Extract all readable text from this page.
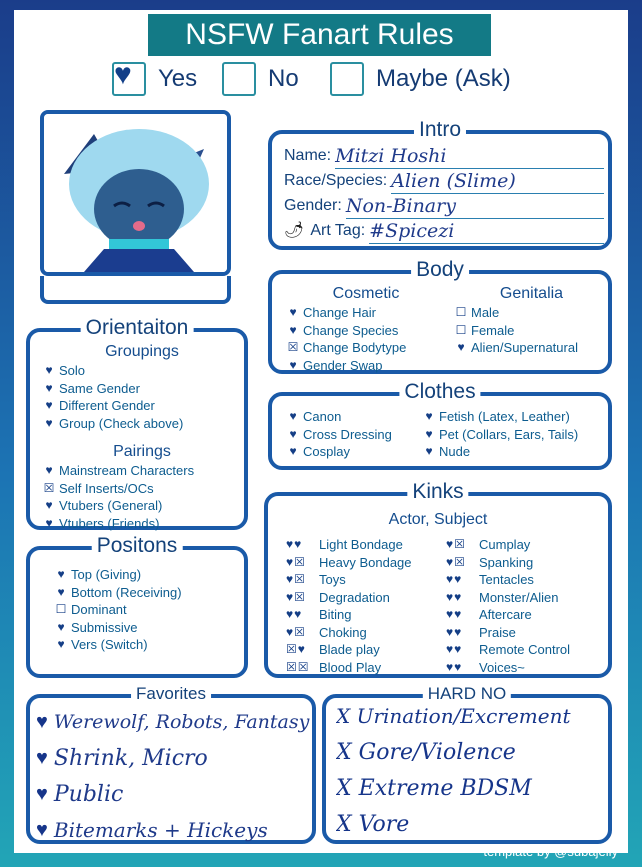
NSFW Fanart Rules
♥ Yes	No	Maybe (Ask)
Intro
Name: Mitzi Hoshi
Race/Species: Alien (Slime)
Gender: Non-Binary
🌶 Art Tag: #Spicezi
Body
Cosmetic
♥ Change Hair
♥ Change Species
☒ Change Bodytype
♥ Gender Swap
Genitalia
☐ Male
☐ Female
♥ Alien/Supernatural
Orientaiton
Groupings
♥ Solo
♥ Same Gender
♥ Different Gender
♥ Group (Check above)
Pairings
♥ Mainstream Characters
☒ Self Inserts/OCs
♥ Vtubers (General)
♥ Vtubers (Friends)
Clothes
♥ Canon
♥ Cross Dressing
♥ Cosplay
♥ Fetish (Latex, Leather)
♥ Pet (Collars, Ears, Tails)
♥ Nude
Positons
♥ Top (Giving)
♥ Bottom (Receiving)
☐ Dominant
♥ Submissive
♥ Vers (Switch)
Kinks
Actor, Subject
♥♥	Light Bondage
♥☒	Heavy Bondage
♥☒	Toys
♥☒	Degradation
♥♥	Biting
♥☒	Choking
☒♥	Blade play
☒☒ Blood Play
♥☒	Cumplay
♥☒	Spanking
♥♥	Tentacles
♥♥	Monster/Alien
♥♥	Aftercare
♥♥	Praise
♥♥	Remote Control
♥♥	Voices~
Favorites
♥ Werewolf, Robots, Fantasy
♥ Shrink, Micro
♥ Public
♥ Bitemarks + Hickeys
HARD NO
X Urination/Excrement
X Gore/Violence
X Extreme BDSM
X Vore
template by @subajelly
